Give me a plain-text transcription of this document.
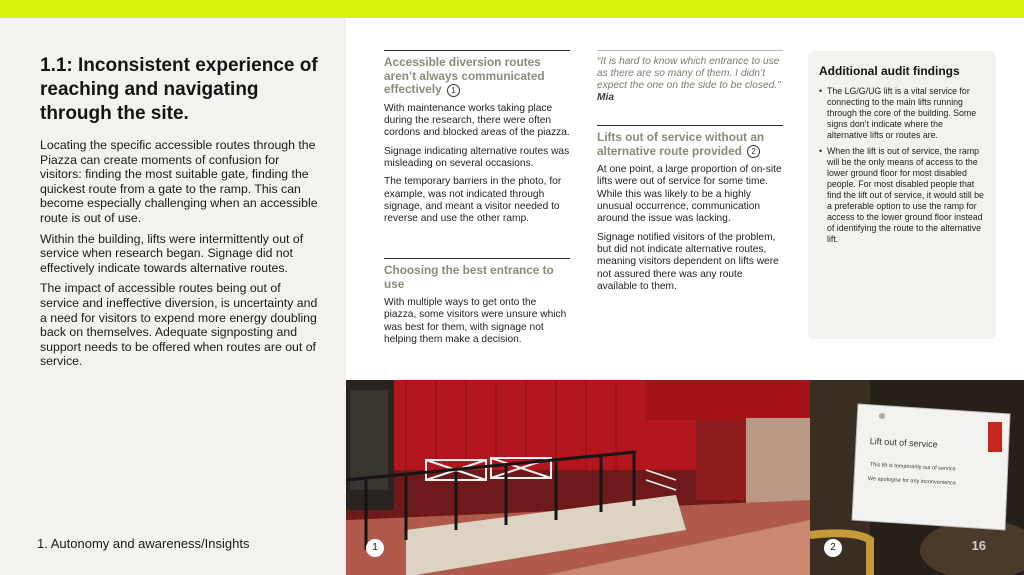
1.1: Inconsistent experience of reaching and navigating through the site.

Locating the specific accessible routes through the Piazza can create moments of confusion for visitors: finding the most suitable gate, finding the quickest route from a gate to the ramp. This can become especially challenging when an accessible route is out of use.

Within the building, lifts were intermittently out of service when research began. Signage did not effectively indicate towards alternative routes.

The impact of accessible routes being out of service and ineffective diversion, is uncertainty and a need for visitors to expend more energy doubling back on themselves. Adequate signposting and support needs to be offered when routes are out of service.

1. Autonomy and awareness/Insights
Accessible diversion routes aren’t always communicated effectively 1

With maintenance works taking place during the research, there were often cordons and blocked areas of the piazza.

Signage indicating alternative routes was misleading on several occasions.

The temporary barriers in the photo, for example, was not indicated through signage, and meant a visitor needed to reverse and use the other ramp.

Choosing the best entrance to use

With multiple ways to get onto the piazza, some visitors were unsure which was best for them, with signage not helping them make a decision.

“It is hard to know which entrance to use as there are so many of them. I didn’t expect the one on the side to be closed.” Mia
Lifts out of service without an alternative route provided 2

At one point, a large proportion of on-site lifts were out of service for some time. While this was likely to be a highly unusual occurrence, communication around the issue was lacking.

Signage notified visitors of the problem, but did not indicate alternative routes, meaning visitors dependent on lifts were not assured there was any route available to them.

Additional audit findings
• The LG/G/UG lift is a vital service for connecting to the main lifts running through the core of the building. Some signs don’t indicate where the alternative lifts or routes are.
• When the lift is out of service, the ramp will be the only means of access to the lower ground floor for most disabled people. For most disabled people that find the lift out of service, it would still be a preferable option to use the ramp for access to the lower ground floor instead of identifying the route to the alternative lift.
1
Lift out of service
This lift is temporarily out of service
We apologise for any inconvenience
2	16
